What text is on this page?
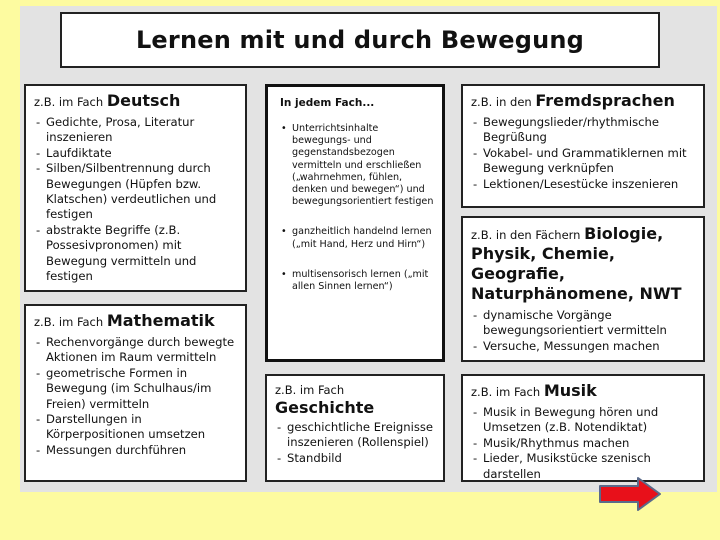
Lernen mit und durch Bewegung
z.B. im Fach Deutsch
- Gedichte, Prosa, Literatur inszenieren
- Laufdiktate
- Silben/Silbentrennung durch Bewegungen (Hüpfen bzw. Klatschen) verdeutlichen und festigen
- abstrakte Begriffe (z.B. Possesivpronomen) mit Bewegung vermitteln und festigen
z.B. im Fach Mathematik
- Rechenvorgänge durch bewegte Aktionen im Raum vermitteln
- geometrische Formen in Bewegung (im Schulhaus/im Freien) vermitteln
- Darstellungen in Körperpositionen umsetzen
- Messungen durchführen
In jedem Fach...
• Unterrichtsinhalte bewegungs- und gegenstandsbezogen vermitteln und erschließen („wahrnehmen, fühlen, denken und bewegen“) und bewegungsorientiert festigen
• ganzheitlich handelnd lernen („mit Hand, Herz und Hirn“)
• multisensorisch lernen („mit allen Sinnen lernen“)
z.B. im Fach
Geschichte
- geschichtliche Ereignisse inszenieren (Rollenspiel)
- Standbild
z.B. in den Fremdsprachen
- Bewegungslieder/rhythmische Begrüßung
- Vokabel- und Grammatiklernen mit Bewegung verknüpfen
- Lektionen/Lesestücke inszenieren
z.B. in den Fächern Biologie, Physik, Chemie, Geografie, Naturphänomene, NWT
- dynamische Vorgänge bewegungsorientiert vermitteln
- Versuche, Messungen machen
z.B. im Fach Musik
- Musik in Bewegung hören und Umsetzen (z.B. Notendiktat)
- Musik/Rhythmus machen
- Lieder, Musikstücke szenisch darstellen
